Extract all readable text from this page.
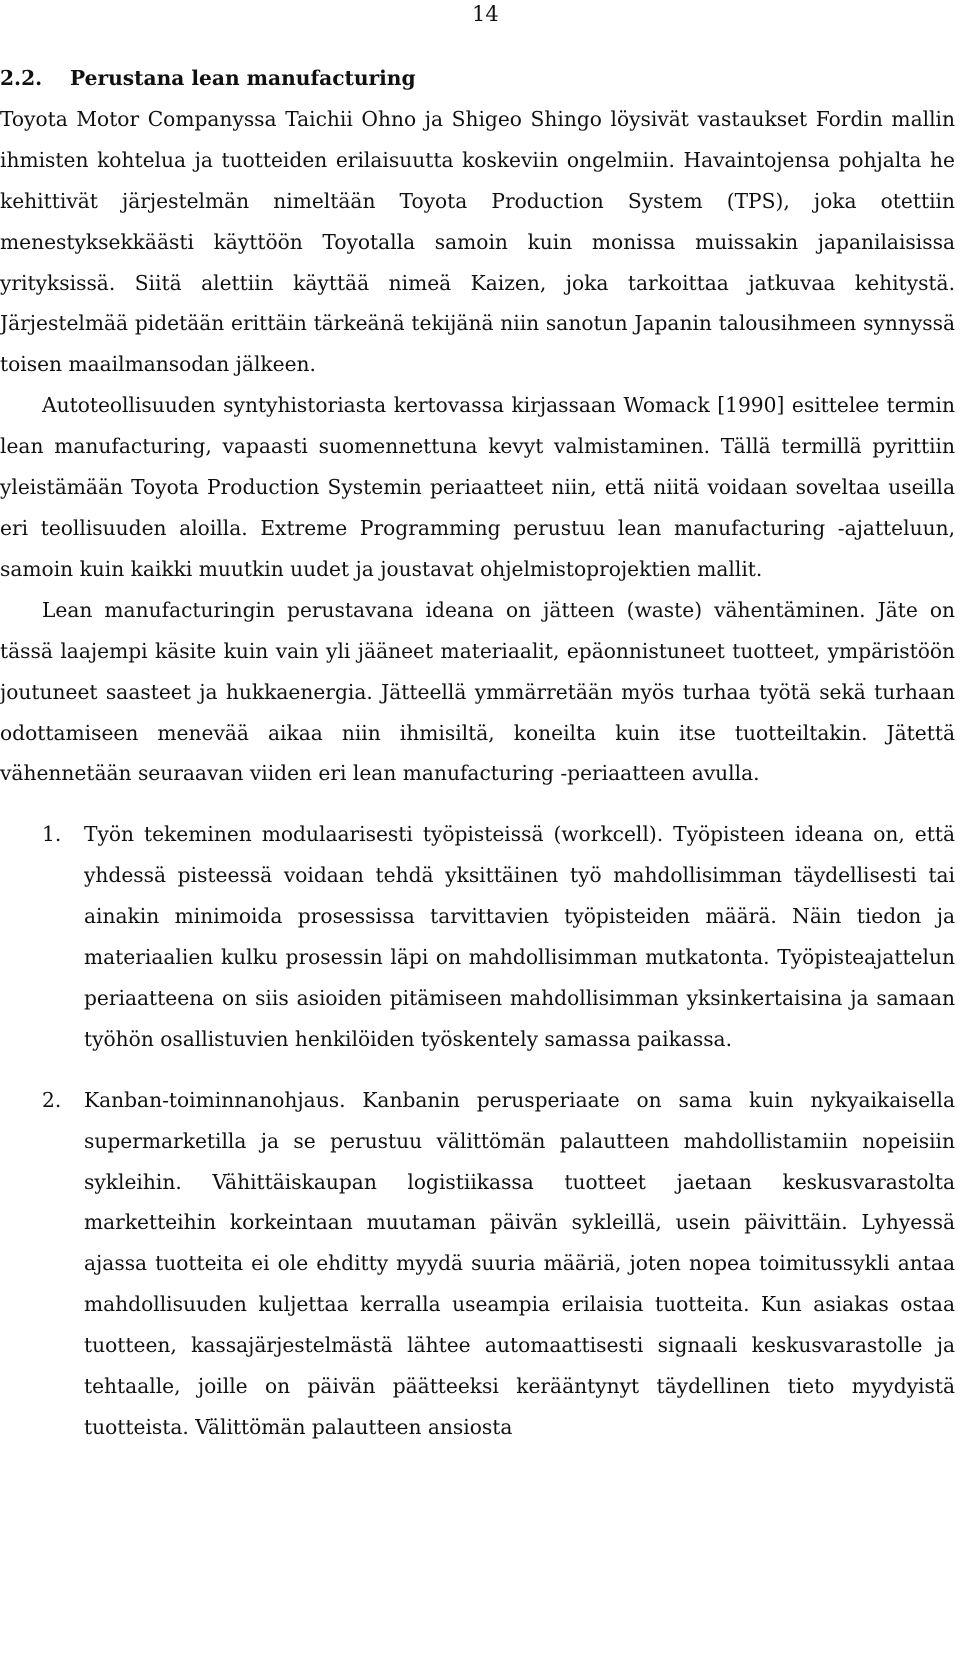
14
2.2. Perustana lean manufacturing

Toyota Motor Companyssa Taichii Ohno ja Shigeo Shingo löysivät vastaukset Fordin mallin ihmisten kohtelua ja tuotteiden erilaisuutta koskeviin ongelmiin. Havaintojensa pohjalta he kehittivät järjestelmän nimeltään Toyota Production System (TPS), joka otettiin menestyksekkäästi käyttöön Toyotalla samoin kuin monissa muissakin japanilaisissa yrityksissä. Siitä alettiin käyttää nimeä Kaizen, joka tarkoittaa jatkuvaa kehitystä. Järjestelmää pidetään erittäin tärkeänä tekijänä niin sanotun Japanin talousihmeen synnyssä toisen maailmansodan jälkeen.

Autoteollisuuden syntyhistoriasta kertovassa kirjassaan Womack [1990] esittelee termin lean manufacturing, vapaasti suomennettuna kevyt valmistaminen. Tällä termillä pyrittiin yleistämään Toyota Production Systemin periaatteet niin, että niitä voidaan soveltaa useilla eri teollisuuden aloilla. Extreme Programming perustuu lean manufacturing -ajatteluun, samoin kuin kaikki muutkin uudet ja joustavat ohjelmistoprojektien mallit.

Lean manufacturingin perustavana ideana on jätteen (waste) vähentäminen. Jäte on tässä laajempi käsite kuin vain yli jääneet materiaalit, epäonnistuneet tuotteet, ympäristöön joutuneet saasteet ja hukkaenergia. Jätteellä ymmärretään myös turhaa työtä sekä turhaan odottamiseen menevää aikaa niin ihmisiltä, koneilta kuin itse tuotteiltakin. Jätettä vähennetään seuraavan viiden eri lean manufacturing -periaatteen avulla.

1. Työn tekeminen modulaarisesti työpisteissä (workcell). Työpisteen ideana on, että yhdessä pisteessä voidaan tehdä yksittäinen työ mahdollisimman täydellisesti tai ainakin minimoida prosessissa tarvittavien työpisteiden määrä. Näin tiedon ja materiaalien kulku prosessin läpi on mahdollisimman mutkatonta. Työpisteajattelun periaatteena on siis asioiden pitämiseen mahdollisimman yksinkertaisina ja samaan työhön osallistuvien henkilöiden työskentely samassa paikassa.
2. Kanban-toiminnanohjaus. Kanbanin perusperiaate on sama kuin nykyaikaisella supermarketilla ja se perustuu välittömän palautteen mahdollistamiin nopeisiin sykleihin. Vähittäiskaupan logistiikassa tuotteet jaetaan keskusvarastolta marketteihin korkeintaan muutaman päivän sykleillä, usein päivittäin. Lyhyessä ajassa tuotteita ei ole ehditty myydä suuria määriä, joten nopea toimitussykli antaa mahdollisuuden kuljettaa kerralla useampia erilaisia tuotteita. Kun asiakas ostaa tuotteen, kassajärjestelmästä lähtee automaattisesti signaali keskusvarastolle ja tehtaalle, joille on päivän päätteeksi kerääntynyt täydellinen tieto myydyistä tuotteista. Välittömän palautteen ansiosta
